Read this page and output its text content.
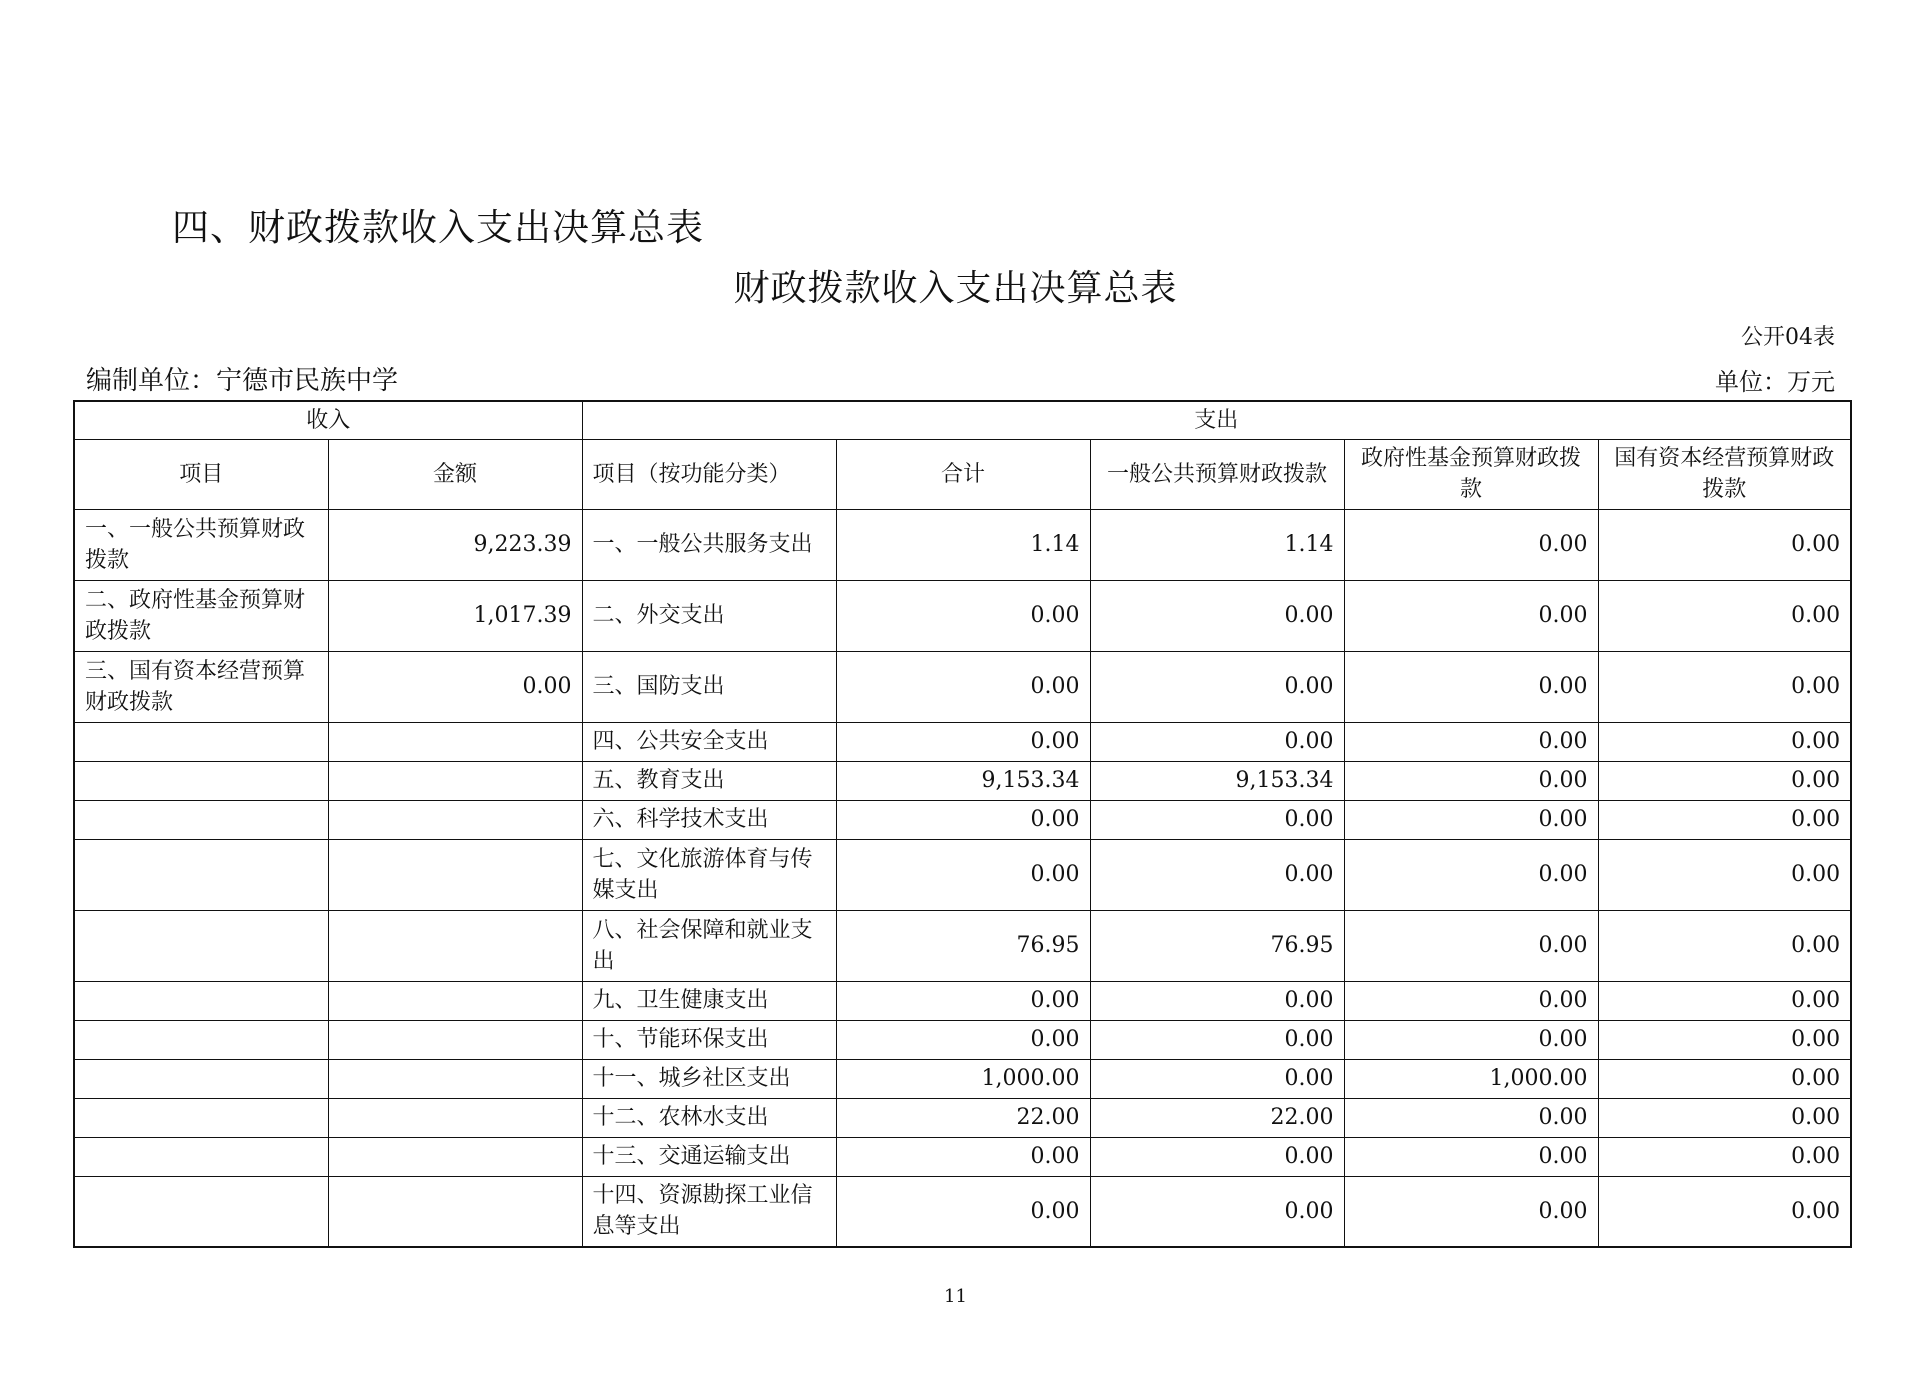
四、财政拨款收入支出决算总表
财政拨款收入支出决算总表
公开04表
编制单位：宁德市民族中学	单位：万元
收入		支出				
项目	金额	项目（按功能分类）	合计	一般公共预算财政拨款	政府性基金预算财政拨款	国有资本经营预算财政拨款
一、一般公共预算财政拨款	9,223.39	一、一般公共服务支出	1.14	1.14	0.00	0.00
二、政府性基金预算财政拨款	1,017.39	二、外交支出	0.00	0.00	0.00	0.00
三、国有资本经营预算财政拨款	0.00	三、国防支出	0.00	0.00	0.00	0.00
		四、公共安全支出	0.00	0.00	0.00	0.00
		五、教育支出	9,153.34	9,153.34	0.00	0.00
		六、科学技术支出	0.00	0.00	0.00	0.00
		七、文化旅游体育与传媒支出	0.00	0.00	0.00	0.00
		八、社会保障和就业支出	76.95	76.95	0.00	0.00
		九、卫生健康支出	0.00	0.00	0.00	0.00
		十、节能环保支出	0.00	0.00	0.00	0.00
		十一、城乡社区支出	1,000.00	0.00	1,000.00	0.00
		十二、农林水支出	22.00	22.00	0.00	0.00
		十三、交通运输支出	0.00	0.00	0.00	0.00
		十四、资源勘探工业信息等支出	0.00	0.00	0.00	0.00
11
